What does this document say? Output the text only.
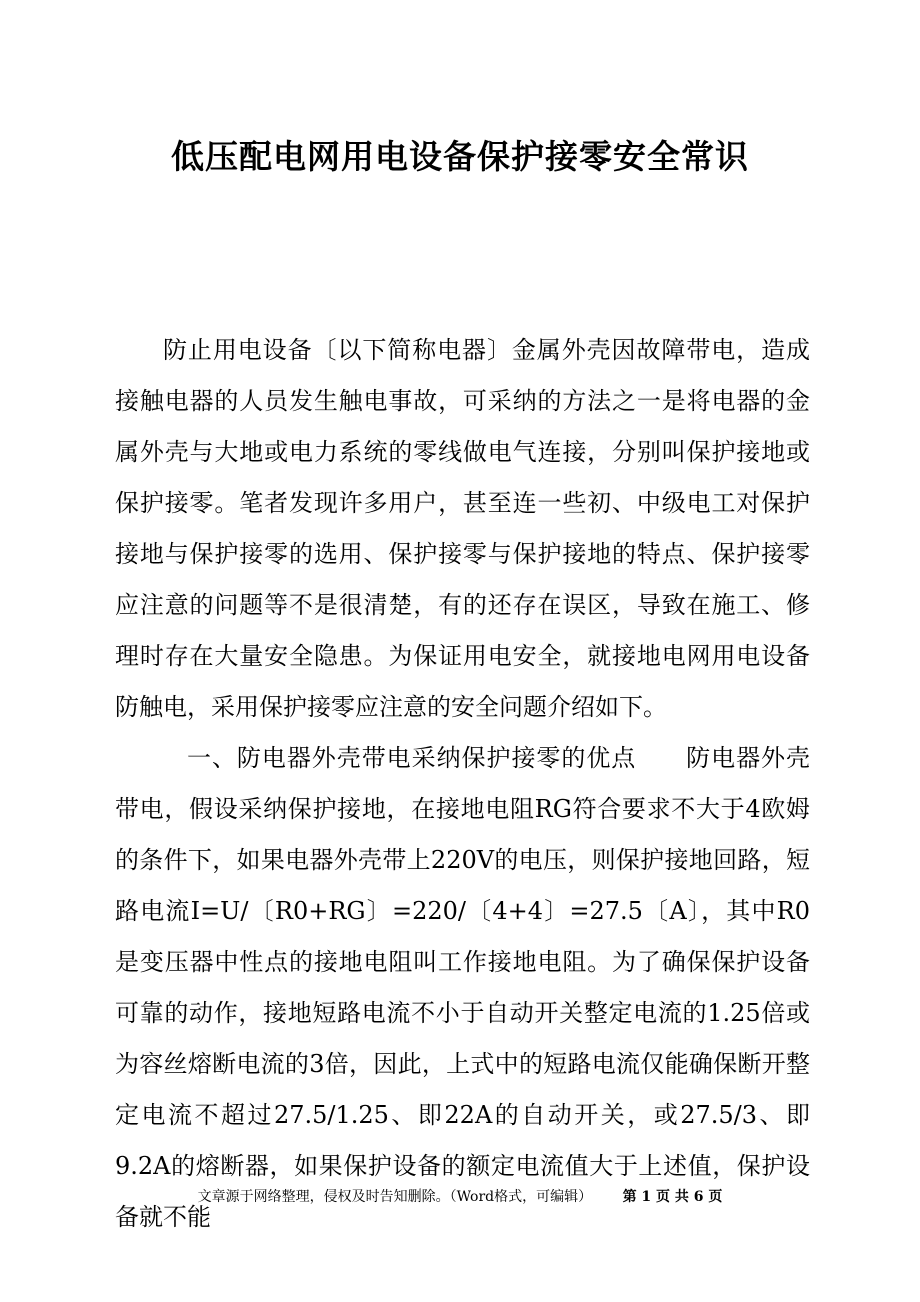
低压配电网用电设备保护接零安全常识

防止用电设备〔以下简称电器〕金属外壳因故障带电，造成接触电器的人员发生触电事故，可采纳的方法之一是将电器的金属外壳与大地或电力系统的零线做电气连接，分别叫保护接地或保护接零。笔者发现许多用户，甚至连一些初、中级电工对保护接地与保护接零的选用、保护接零与保护接地的特点、保护接零应注意的问题等不是很清楚，有的还存在误区，导致在施工、修理时存在大量安全隐患。为保证用电安全，就接地电网用电设备防触电，采用保护接零应注意的安全问题介绍如下。

一、防电器外壳带电采纳保护接零的优点　　防电器外壳带电，假设采纳保护接地，在接地电阻RG符合要求不大于4欧姆的条件下，如果电器外壳带上220V的电压，则保护接地回路，短路电流I=U/〔R0+RG〕=220/〔4+4〕=27.5〔A〕，其中R0是变压器中性点的接地电阻叫工作接地电阻。为了确保保护设备可靠的动作，接地短路电流不小于自动开关整定电流的1.25倍或为容丝熔断电流的3倍，因此，上式中的短路电流仅能确保断开整定电流不超过27.5/1.25、即22A的自动开关，或27.5/3、即9.2A的熔断器，如果保护设备的额定电流值大于上述值，保护设备就不能

文章源于网络整理，侵权及时告知删除。（Word格式，可编辑） 第 1 页 共 6 页
